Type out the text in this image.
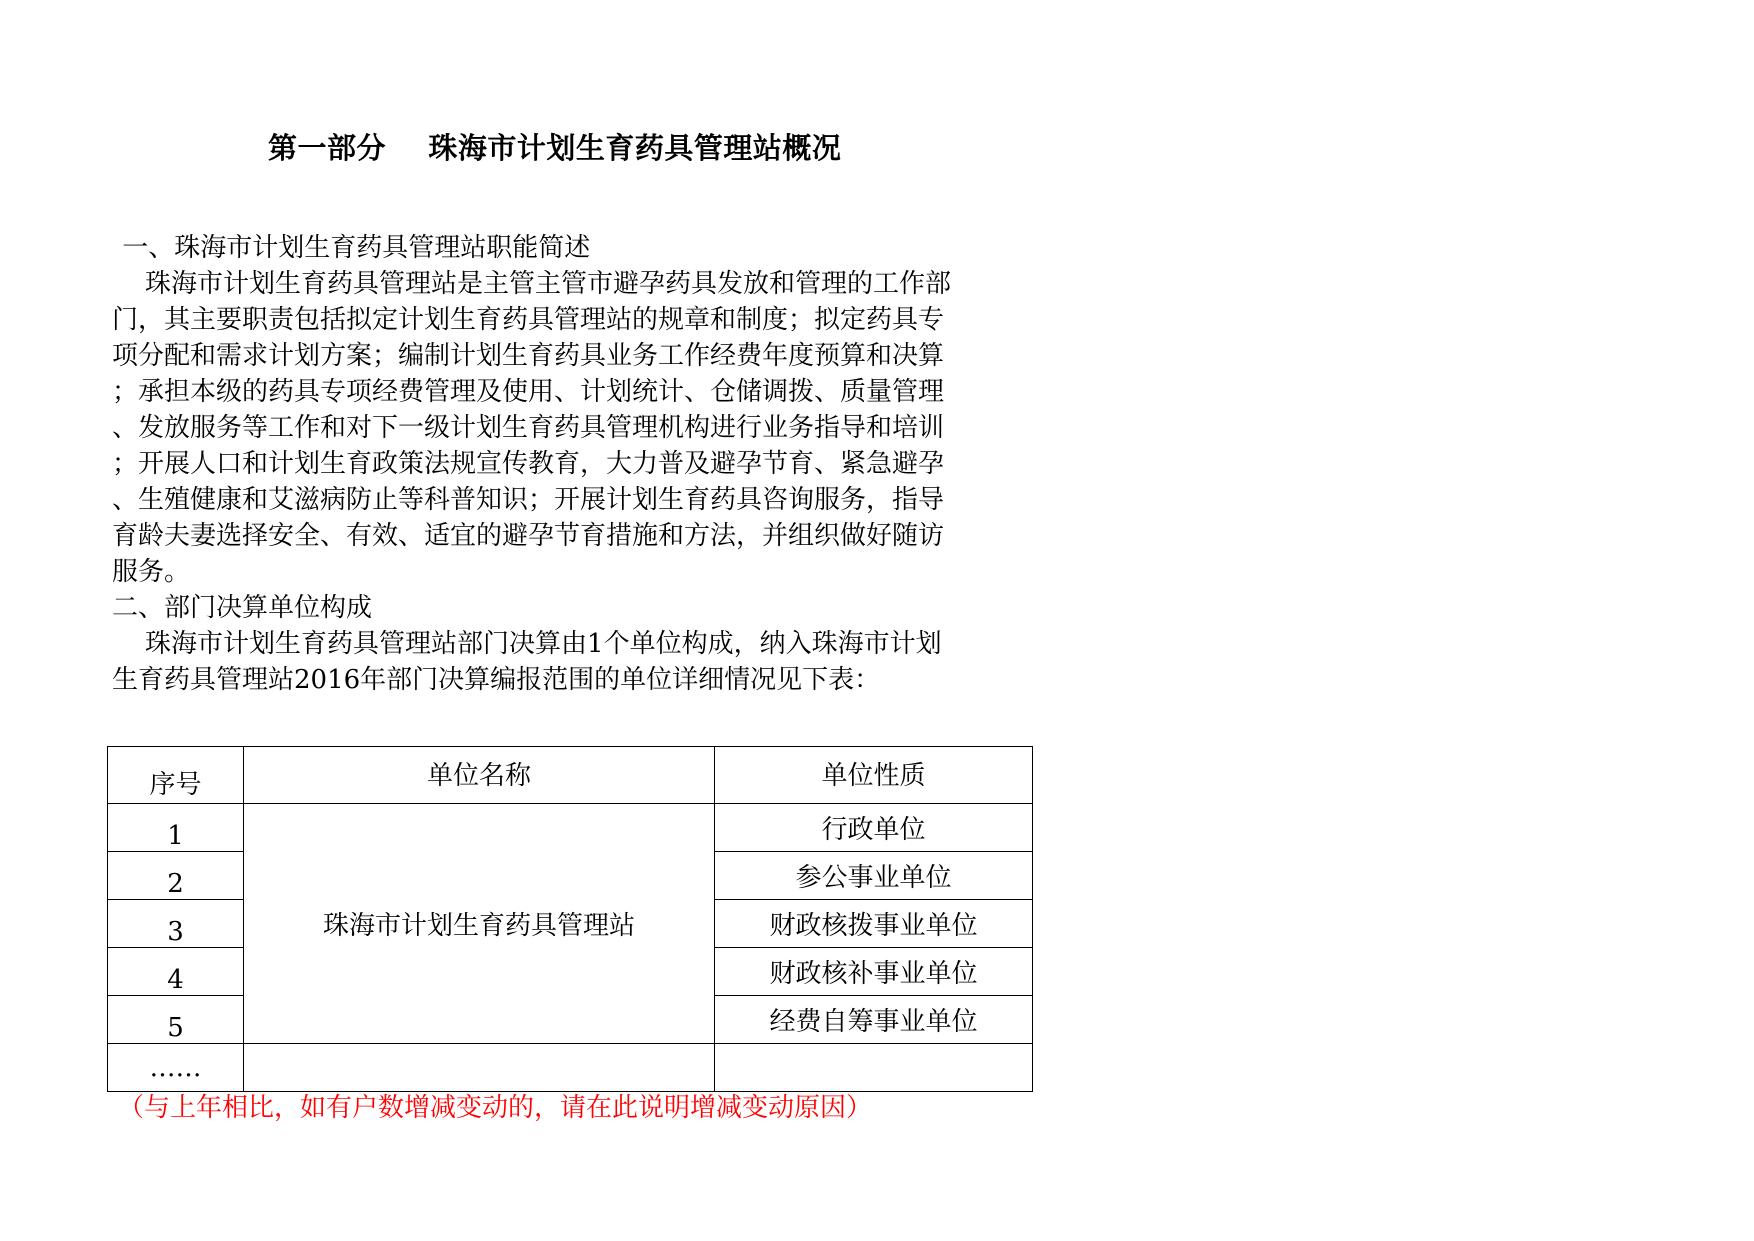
第一部分    珠海市计划生育药具管理站概况
一、珠海市计划生育药具管理站职能简述
珠海市计划生育药具管理站是主管主管市避孕药具发放和管理的工作部
门，其主要职责包括拟定计划生育药具管理站的规章和制度；拟定药具专
项分配和需求计划方案；编制计划生育药具业务工作经费年度预算和决算
；承担本级的药具专项经费管理及使用、计划统计、仓储调拨、质量管理
、发放服务等工作和对下一级计划生育药具管理机构进行业务指导和培训
；开展人口和计划生育政策法规宣传教育，大力普及避孕节育、紧急避孕
、生殖健康和艾滋病防止等科普知识；开展计划生育药具咨询服务，指导
育龄夫妻选择安全、有效、适宜的避孕节育措施和方法，并组织做好随访
服务。
二、部门决算单位构成
珠海市计划生育药具管理站部门决算由1个单位构成，纳入珠海市计划
生育药具管理站2016年部门决算编报范围的单位详细情况见下表：
序号	单位名称	单位性质
1	珠海市计划生育药具管理站	行政单位
2		参公事业单位
3		财政核拨事业单位
4		财政核补事业单位
5		经费自筹事业单位
……		
（与上年相比，如有户数增减变动的，请在此说明增减变动原因）
